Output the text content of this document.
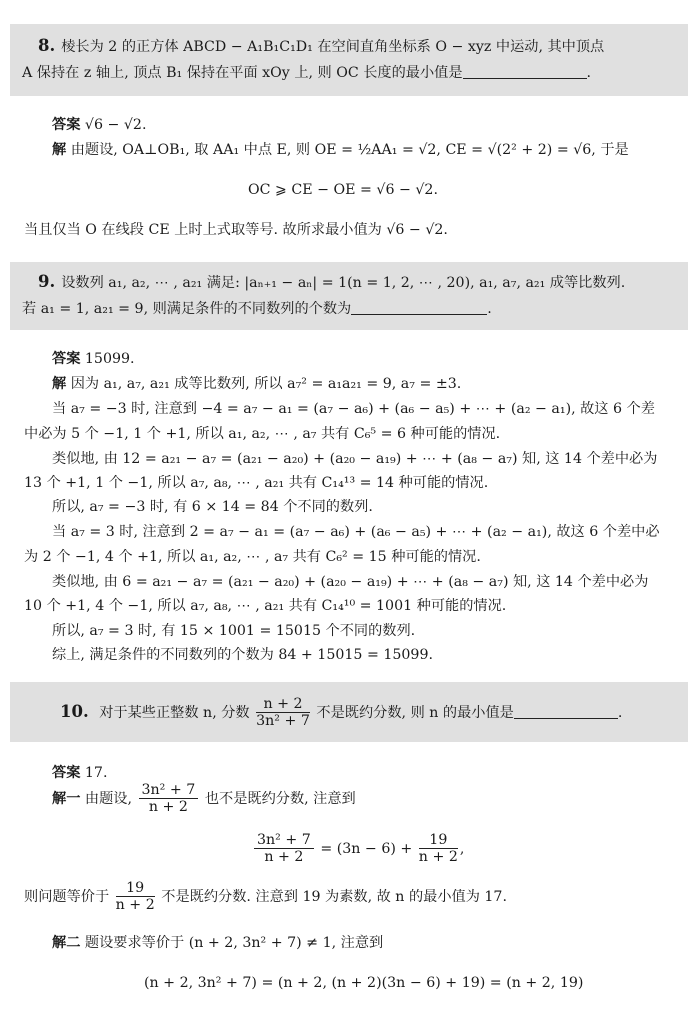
8. 棱长为 2 的正方体 ABCD − A₁B₁C₁D₁ 在空间直角坐标系 O − xyz 中运动, 其中顶点
A 保持在 z 轴上, 顶点 B₁ 保持在平面 xOy 上, 则 OC 长度的最小值是	.
答案 √6 − √2.
解 由题设, OA⊥OB₁, 取 AA₁ 中点 E, 则 OE = ½AA₁ = √2, CE = √(2² + 2) = √6, 于是
OC ⩾ CE − OE = √6 − √2.
当且仅当 O 在线段 CE 上时上式取等号. 故所求最小值为 √6 − √2.
9. 设数列 a₁, a₂, ⋯ , a₂₁ 满足: |aₙ₊₁ − aₙ| = 1(n = 1, 2, ⋯ , 20), a₁, a₇, a₂₁ 成等比数列.
若 a₁ = 1, a₂₁ = 9, 则满足条件的不同数列的个数为	.
答案 15099.
解 因为 a₁, a₇, a₂₁ 成等比数列, 所以 a₇² = a₁a₂₁ = 9, a₇ = ±3.
当 a₇ = −3 时, 注意到 −4 = a₇ − a₁ = (a₇ − a₆) + (a₆ − a₅) + ⋯ + (a₂ − a₁), 故这 6 个差
中必为 5 个 −1, 1 个 +1, 所以 a₁, a₂, ⋯ , a₇ 共有 C₆⁵ = 6 种可能的情况.
类似地, 由 12 = a₂₁ − a₇ = (a₂₁ − a₂₀) + (a₂₀ − a₁₉) + ⋯ + (a₈ − a₇) 知, 这 14 个差中必为
13 个 +1, 1 个 −1, 所以 a₇, a₈, ⋯ , a₂₁ 共有 C₁₄¹³ = 14 种可能的情况.
所以, a₇ = −3 时, 有 6 × 14 = 84 个不同的数列.
当 a₇ = 3 时, 注意到 2 = a₇ − a₁ = (a₇ − a₆) + (a₆ − a₅) + ⋯ + (a₂ − a₁), 故这 6 个差中必
为 2 个 −1, 4 个 +1, 所以 a₁, a₂, ⋯ , a₇ 共有 C₆² = 15 种可能的情况.
类似地, 由 6 = a₂₁ − a₇ = (a₂₁ − a₂₀) + (a₂₀ − a₁₉) + ⋯ + (a₈ − a₇) 知, 这 14 个差中必为
10 个 +1, 4 个 −1, 所以 a₇, a₈, ⋯ , a₂₁ 共有 C₁₄¹⁰ = 1001 种可能的情况.
所以, a₇ = 3 时, 有 15 × 1001 = 15015 个不同的数列.
综上, 满足条件的不同数列的个数为 84 + 15015 = 15099.
10. 对于某些正整数 n, 分数 $\frac{n + 2}{\text{3n² + 7}}$ 不是既约分数, 则 n 的最小值是	.
答案 17.
解一 由题设, $\frac{\text{3n² + 7}}{n + 2}$ 也不是既约分数, 注意到
$\frac{\text{3n² + 7}}{n + 2} = (3n - 6) + \frac{19}{n + 2}$ ,
则问题等价于 $\frac{19}{n + 2}$ 不是既约分数. 注意到 19 为素数, 故 n 的最小值为 17.
解二 题设要求等价于 (n + 2, 3n² + 7) ≠ 1, 注意到
(n + 2, 3n² + 7) = (n + 2, (n + 2)(3n − 6) + 19) = (n + 2, 19)
